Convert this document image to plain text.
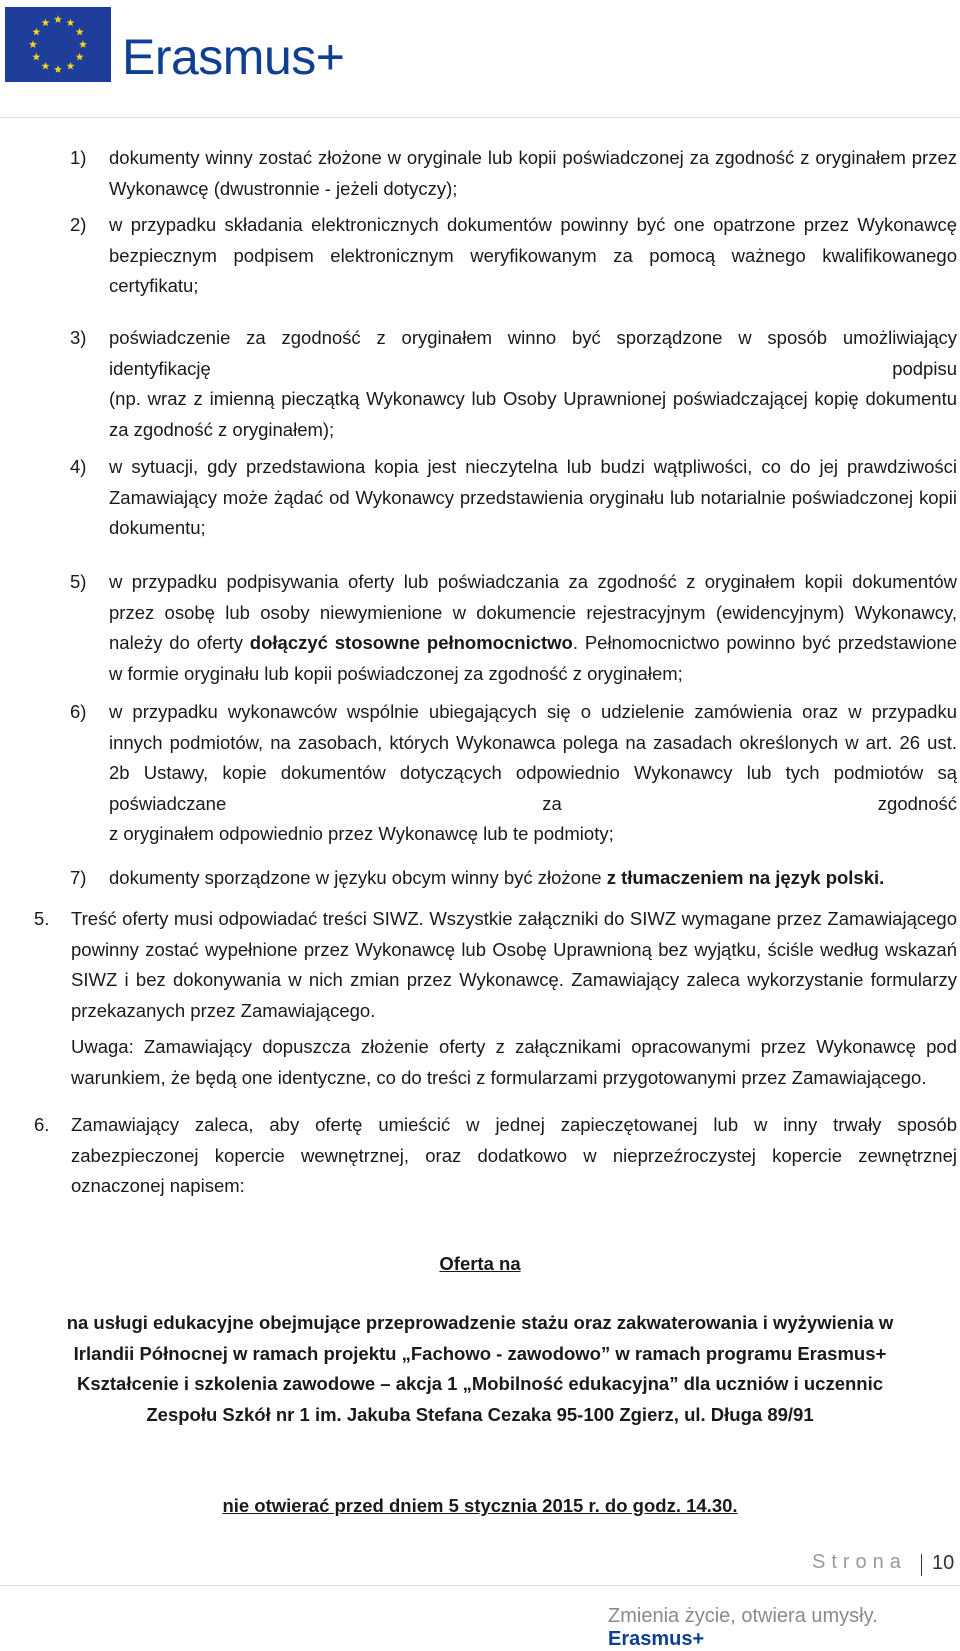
Erasmus+
1) dokumenty winny zostać złożone w oryginale lub kopii poświadczonej za zgodność z oryginałem przez Wykonawcę (dwustronnie - jeżeli dotyczy);
2) w przypadku składania elektronicznych dokumentów powinny być one opatrzone przez Wykonawcę bezpiecznym podpisem elektronicznym weryfikowanym za pomocą ważnego kwalifikowanego certyfikatu;
3) poświadczenie za zgodność z oryginałem winno być sporządzone w sposób umożliwiający identyfikację	podpisu
(np. wraz z imienną pieczątką Wykonawcy lub Osoby Uprawnionej poświadczającej kopię dokumentu za zgodność z oryginałem);
4) w sytuacji, gdy przedstawiona kopia jest nieczytelna lub budzi wątpliwości, co do jej prawdziwości Zamawiający może żądać od Wykonawcy przedstawienia oryginału lub notarialnie poświadczonej kopii dokumentu;
5) w przypadku podpisywania oferty lub poświadczania za zgodność z oryginałem kopii dokumentów przez osobę lub osoby niewymienione w dokumencie rejestracyjnym (ewidencyjnym) Wykonawcy, należy do oferty dołączyć stosowne pełnomocnictwo. Pełnomocnictwo powinno być przedstawione w formie oryginału lub kopii poświadczonej za zgodność z oryginałem;
6) w przypadku wykonawców wspólnie ubiegających się o udzielenie zamówienia oraz w przypadku innych podmiotów, na zasobach, których Wykonawca polega na zasadach określonych w art. 26 ust. 2b Ustawy, kopie dokumentów dotyczących odpowiednio Wykonawcy lub tych podmiotów są poświadczane	za	zgodność
z oryginałem odpowiednio przez Wykonawcę lub te podmioty;
7) dokumenty sporządzone w języku obcym winny być złożone z tłumaczeniem na język polski.
5. Treść oferty musi odpowiadać treści SIWZ. Wszystkie załączniki do SIWZ wymagane przez Zamawiającego powinny zostać wypełnione przez Wykonawcę lub Osobę Uprawnioną bez wyjątku, ściśle według wskazań SIWZ i bez dokonywania w nich zmian przez Wykonawcę. Zamawiający zaleca wykorzystanie formularzy przekazanych przez Zamawiającego.
Uwaga: Zamawiający dopuszcza złożenie oferty z załącznikami opracowanymi przez Wykonawcę pod warunkiem, że będą one identyczne, co do treści z formularzami przygotowanymi przez Zamawiającego.
6. Zamawiający zaleca, aby ofertę umieścić w jednej zapieczętowanej lub w inny trwały sposób zabezpieczonej kopercie wewnętrznej, oraz dodatkowo w nieprzeźroczystej kopercie zewnętrznej oznaczonej napisem:
Oferta na
na usługi edukacyjne obejmujące przeprowadzenie stażu oraz zakwaterowania i wyżywienia w
Irlandii Północnej w ramach projektu „Fachowo - zawodowo” w ramach programu Erasmus+
Kształcenie i szkolenia zawodowe – akcja 1 „Mobilność edukacyjna” dla uczniów i uczennic
Zespołu Szkół nr 1 im. Jakuba Stefana Cezaka 95-100 Zgierz, ul. Długa 89/91
nie otwierać przed dniem 5 stycznia 2015 r. do godz. 14.30.
Strona 10
Zmienia życie, otwiera umysły. Erasmus+
